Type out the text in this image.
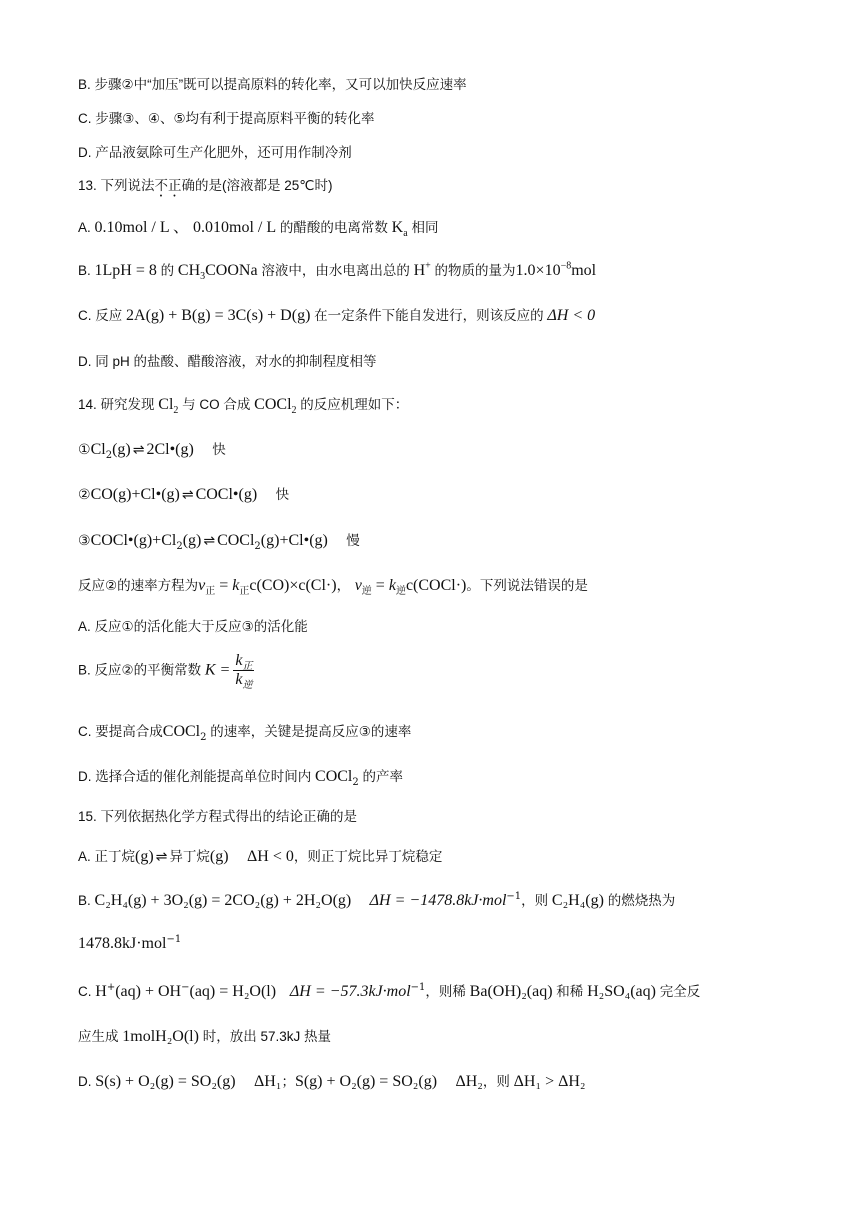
B. 步骤②中“加压”既可以提高原料的转化率，又可以加快反应速率
C. 步骤③、④、⑤均有利于提高原料平衡的转化率
D. 产品液氨除可生产化肥外，还可用作制冷剂
13. 下列说法不正确的是(溶液都是 25℃时)
A. 0.10mol / L 、 0.010mol / L 的醋酸的电离常数 $K_a$ 相同
B. 1LpH = 8 的 $CH_3COONa$ 溶液中，由水电离出总的 H+ 的物质的量为$1.0\times 10^{-8}mol$
C. 反应 2A(g) + B(g) = 3C(s) + D(g) 在一定条件下能自发进行，则该反应的 ΔH < 0
D. 同 pH 的盐酸、醋酸溶液，对水的抑制程度相等
14. 研究发现 $Cl_2$ 与 CO 合成 COCl$_2$ 的反应机理如下：
$①Cl_2(g)$ ⇌ 2Cl•(g) 快
②CO(g)+Cl•(g) ⇌ COCl•(g) 快
$③COCl•(g)+Cl_2(g)$ ⇌ COCl$_2$(g)+Cl•(g) 慢
反应②的速率方程为$v_正 = k_正c(CO)\times c(Cl\cdot)$， $v_逆$ = $k_逆c(COCl\cdot)$。下列说法错误的是
A. 反应①的活化能大于反应③的活化能
B. 反应②的平衡常数 $K = \frac{k_正}{k_逆}$
C. 要提高合成COCl$_2$ 的速率，关键是提高反应③的速率
D. 选择合适的催化剂能提高单位时间内 COCl$_2$ 的产率
15. 下列依据热化学方程式得出的结论正确的是
A. 正丁烷(g) ⇌ 异丁烷(g) ΔH < 0，则正丁烷比异丁烷稳定
B. C₂H₄(g) + 3O₂(g) = 2CO₂(g) + 2H₂O(g) ΔH = −1478.8kJ·mol$^{-1}$，则 C₂H₄(g) 的燃烧热为
1478.8kJ·mol$^{-1}$
C. H+(aq) + OH−(aq) = H₂O(l) ΔH = −57.3kJ·mol$^{-1}$，则稀 Ba(OH)₂(aq) 和稀 H₂SO₄(aq) 完全反
应生成 1molH₂O(l) 时，放出 57.3kJ 热量
D. S(s) + O₂(g) = SO₂(g) ΔH₁；S(g) + O₂(g) = SO₂(g) ΔH₂，则 ΔH₁ > ΔH₂
